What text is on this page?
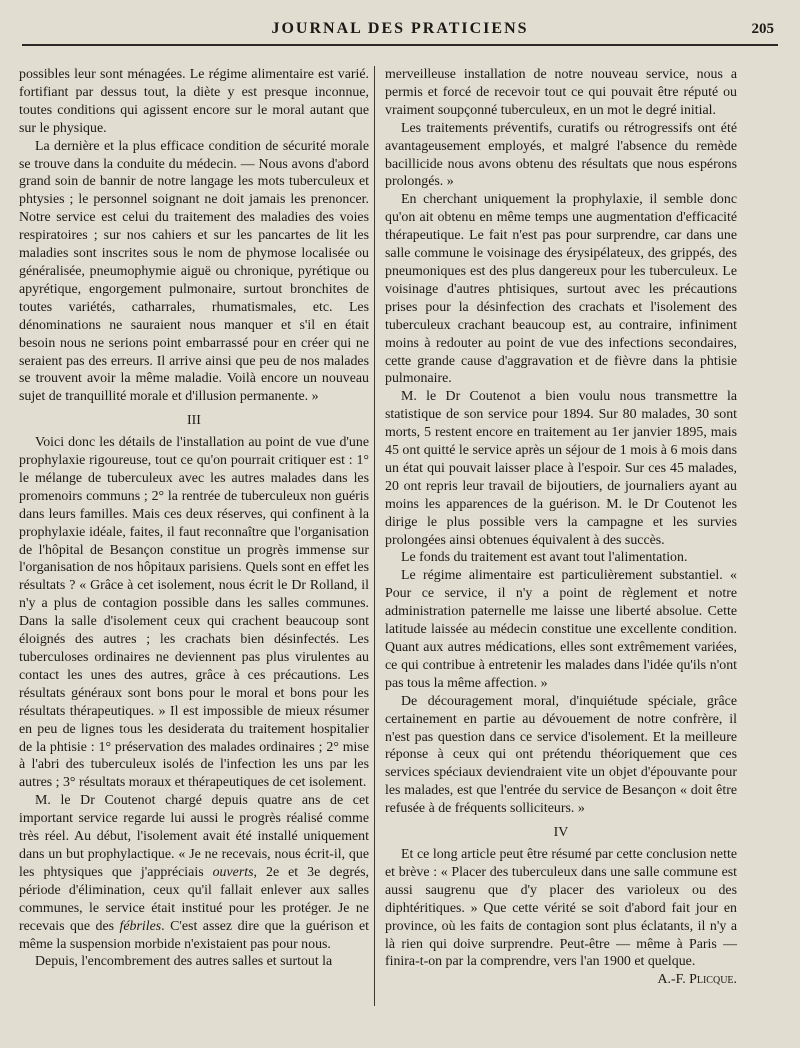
JOURNAL DES PRATICIENS	205

possibles leur sont ménagées. Le régime alimentaire est varié. fortifiant par dessus tout, la diète y est presque inconnue, toutes conditions qui agissent encore sur le moral autant que sur le physique.

La dernière et la plus efficace condition de sécurité morale se trouve dans la conduite du médecin. — Nous avons d'abord grand soin de bannir de notre langage les mots tuberculeux et phtysies ; le personnel soignant ne doit jamais les prenoncer. Notre service est celui du traitement des maladies des voies respiratoires ; sur nos cahiers et sur les pancartes de lit les maladies sont inscrites sous le nom de phymose localisée ou généralisée, pneumophymie aiguë ou chronique, pyrétique ou apyrétique, engorgement pulmonaire, surtout bronchites de toutes variétés, catharrales, rhumatismales, etc. Les dénominations ne sauraient nous manquer et s'il en était besoin nous ne serions point embarrassé pour en créer qui ne seraient pas des erreurs. Il arrive ainsi que peu de nos malades se trouvent avoir la même maladie. Voilà encore un nouveau sujet de tranquillité morale et d'illusion permanente. »

III

Voici donc les détails de l'installation au point de vue d'une prophylaxie rigoureuse, tout ce qu'on pourrait critiquer est : 1° le mélange de tuberculeux avec les autres malades dans les promenoirs communs ; 2° la rentrée de tuberculeux non guéris dans leurs familles. Mais ces deux réserves, qui confinent à la prophylaxie idéale, faites, il faut reconnaître que l'organisation de l'hôpital de Besançon constitue un progrès immense sur l'organisation de nos hôpitaux parisiens. Quels sont en effet les résultats ? « Grâce à cet isolement, nous écrit le Dr Rolland, il n'y a plus de contagion possible dans les salles communes. Dans la salle d'isolement ceux qui crachent beaucoup sont éloignés des autres ; les crachats bien désinfectés. Les tuberculoses ordinaires ne deviennent pas plus virulentes au contact les unes des autres, grâce à ces précautions. Les résultats généraux sont bons pour le moral et bons pour les résultats thérapeutiques. » Il est impossible de mieux résumer en peu de lignes tous les desiderata du traitement hospitalier de la phtisie : 1° préservation des malades ordinaires ; 2° mise à l'abri des tuberculeux isolés de l'infection les uns par les autres ; 3° résultats moraux et thérapeutiques de cet isolement.

M. le Dr Coutenot chargé depuis quatre ans de cet important service regarde lui aussi le progrès réalisé comme très réel. Au début, l'isolement avait été installé uniquement dans un but prophylactique. « Je ne recevais, nous écrit-il, que les phtysiques que j'appréciais ouverts, 2e et 3e degrés, période d'élimination, ceux qu'il fallait enlever aux salles communes, le service était institué pour les protéger. Je ne recevais que des fébriles. C'est assez dire que la guérison et même la suspension morbide n'existaient pas pour nous.

Depuis, l'encombrement des autres salles et surtout la

merveilleuse installation de notre nouveau service, nous a permis et forcé de recevoir tout ce qui pouvait être réputé ou vraiment soupçonné tuberculeux, en un mot le degré initial.

Les traitements préventifs, curatifs ou rétrogressifs ont été avantageusement employés, et malgré l'absence du remède bacillicide nous avons obtenu des résultats que nous espérons prolongés. »

En cherchant uniquement la prophylaxie, il semble donc qu'on ait obtenu en même temps une augmentation d'efficacité thérapeutique. Le fait n'est pas pour surprendre, car dans une salle commune le voisinage des érysipélateux, des grippés, des pneumoniques est des plus dangereux pour les tuberculeux. Le voisinage d'autres phtisiques, surtout avec les précautions prises pour la désinfection des crachats et l'isolement des tuberculeux crachant beaucoup est, au contraire, infiniment moins à redouter au point de vue des infections secondaires, cette grande cause d'aggravation et de fièvre dans la phtisie pulmonaire.

M. le Dr Coutenot a bien voulu nous transmettre la statistique de son service pour 1894. Sur 80 malades, 30 sont morts, 5 restent encore en traitement au 1er janvier 1895, mais 45 ont quitté le service après un séjour de 1 mois à 6 mois dans un état qui pouvait laisser place à l'espoir. Sur ces 45 malades, 20 ont repris leur travail de bijoutiers, de journaliers ayant au moins les apparences de la guérison. M. le Dr Coutenot les dirige le plus possible vers la campagne et les survies prolongées ainsi obtenues équivalent à des succès.

Le fonds du traitement est avant tout l'alimentation.

Le régime alimentaire est particulièrement substantiel. « Pour ce service, il n'y a point de règlement et notre administration paternelle me laisse une liberté absolue. Cette latitude laissée au médecin constitue une excellente condition. Quant aux autres médications, elles sont extrêmement variées, ce qui contribue à entretenir les malades dans l'idée qu'ils n'ont pas tous la même affection. »

De découragement moral, d'inquiétude spéciale, grâce certainement en partie au dévouement de notre confrère, il n'est pas question dans ce service d'isolement. Et la meilleure réponse à ceux qui ont prétendu théoriquement que ces services spéciaux deviendraient vite un objet d'épouvante pour les malades, est que l'entrée du service de Besançon « doit être refusée à de fréquents solliciteurs. »

IV

Et ce long article peut être résumé par cette conclusion nette et brève : « Placer des tuberculeux dans une salle commune est aussi saugrenu que d'y placer des varioleux ou des diphtéritiques. » Que cette vérité se soit d'abord fait jour en province, où les faits de contagion sont plus éclatants, il n'y a là rien qui doive surprendre. Peut-être — même à Paris — finira-t-on par la comprendre, vers l'an 1900 et quelque.

A.-F. Plicque.
